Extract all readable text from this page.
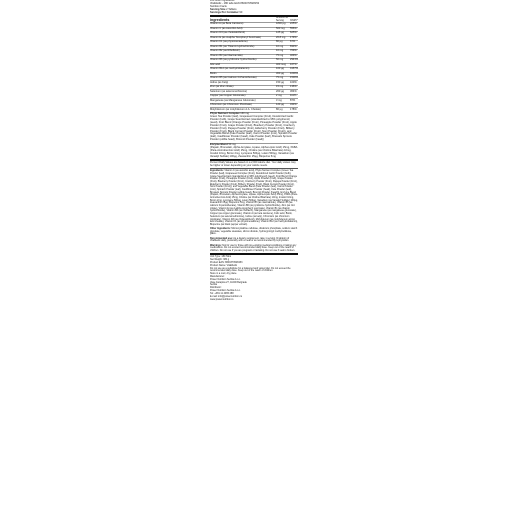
100 other ingredients
VitaMedic - 180 tabs EAN 8600373528153
Nutrition Facts
Serving Size 2 Tablets
Servings Per Container 90
Ingredients
Amount Per Serving	%NRV*
Vitamin A (as Beta Carotene)	1800 µg	225%
Vitamin C (as Ascorbic Acid)	500 mg	556%
Vitamin D3 (as cholecalciferol)	125 µg	625%
Vitamin E (as d-alpha Tocopheryl Succinate)	26.8 mg	179%
Vitamin K1 (as phytomenadione)	80 µg	67%
Vitamin B1 (as Thiamin Hydrochloride)	10 mg	833%
Vitamin B2 (as Riboflavin)	10 mg	769%
Vitamin B3 (as Niacinamide)	75 mg	469%
Vitamin B6 (as pyridoxine hydrochloride)	50 mg	2941%
folic acid	400 mcg	167%
Vitamin B12 (as methylcobalamin)	100 µg	4167%
Biotin	300 µg	1000%
Vitamin B5 (as Calcium D-Pantothenate)	75 mg	1500%
Iodine (as Kelp)	150 µg	100%
Zinc (as Zinc citrate)	15 mg	136%
Selenium (as selenomethionine)	200 µg	364%
Copper (as Copper Gluconate)	2 mg	111%
Manganese (as Manganese Gluconate)	3 mg	87%
Chromium (as Chromium Picolinate)	120 µg	343%
Molybdenum (as molybdenum A.A. Chelate)	80 µg	178%
Phyto Nutrient Complex 160 mg
Green Tea Powder (leaf), Grapeseed Complex (Fruit), Deodorized Garlic Powder (bulb), Grape Seed Extract (standardized to 95% polyphenol) (seed), Fruit Blend (Orange Powder (Fruit), Pineapple Powder (Fruit), Apple Powder (Fruit), Grape Powder (Fruit), Blueberry Powder (Fruit), Cranberry Powder (Fruit), Papaya Powder (Fruit), Elderberry Powder (Fruit), Bilberry Powder (Fruit), Black Currant Powder (Fruit), Noni Powder (Fruit)), and Vegetable Blend (Kale Powder (leaf), Carrot Powder (root), Spinach Powder (leaf), Cauliflower Powder (head), Kale Powder (leaf), Brussels Sprouts Powder (edible head), Broccoli Powder (head))
Enzyme Blend 50 mg
(Papain, Bromelain, Alpha-Amylase, Lipase, Alpha-Lipoic Acid) 15mg, PABA (Para-Aminobenzoic Acid) 15mg, Choline (as Choline Bitartrate) 10mg, Inositol 10mg, Boron 2mg, Lycopene 500µg, Lutein 500µg, Vanadium (as Vanadyl Sulfate) 100µg, Zeaxanthin 25µg, Bioperine 5mg
Percent Daily Values are based on a 2,000 calorie diet. Your daily values may be higher or lower depending on your calorie needs.
Ingredients: Vitamin C (as ascorbic acid), Phyto Nutrient Complex (Green Tea Powder (leaf), Grapeseed Complex (Fruit), Deodorized Garlic Powder (bulb), Grape Seed Extract (standardized to 95% polyphenol) (seed), Fruit Blend (Orange Powder (Fruit), Pineapple Powder (Fruit), Apple Powder (Fruit), Grape Powder (Fruit), Blueberry Powder (Fruit), Cranberry Powder (Fruit), Papaya Powder (Fruit), Elderberry Powder (Fruit), Bilberry Powder (Fruit), Black Currant Powder (Fruit), Noni Powder (Fruit)), and Vegetable Blend (Kale Powder (leaf), Carrot Powder (root), Spinach Powder (leaf), Cauliflower Powder (head), Kale Powder (leaf), Brussels Sprouts Powder (edible head), Broccoli Powder (head))), Enzyme Blend (Papain, Bromelain, Alpha-Amylase, Lipase, Alpha-Lipoic Acid) 15mg, PABA (Para-Aminobenzoic Acid) 15mg, Choline (as Choline Bitartrate) 10mg, Inositol 10mg, Boron 2mg, Lycopene 500µg, Lutein 500µg, Vanadium (as Vanadyl Sulfate) 100µg, Zeaxanthin 25µg, Bioperine 5mg, Vitamin B3 (as niacinamide), Vitamin B5 (as calcium D-pantothenate), Vitamin B6 (as pyridoxine hydrochloride), Zinc (as zinc citrate), Vitamin E (as d-alpha tocopheryl succinate), Vitamin B1 (as thiamin hydrochloride), Vitamin B2 (as riboflavin), Manganese (as manganese gluconate), Copper (as copper gluconate), Vitamin A (as beta carotene), Folic acid, Biotin, Selenium (as selenomethionine), Iodine (as kelp), Chromium (as chromium picolinate), Vitamin D3 (as cholecalciferol), Molybdenum (as molybdenum amino acid chelate), Vitamin K1 (as phytomenadione), Vitamin B12 (as methylcobalamin), Bioperine (as black pepper extract).
Other Ingredients: Microcrystalline cellulose, dicalcium phosphate, sodium starch glycolate, vegetable stearates, silicon dioxide, hydroxypropyl methylcellulose, glaze.
Recommended use: As a dietary supplement, take 1 serving (2 tablets) of VitaMedic daily, preferably with a meal or as recommended by a physician.
Warnings: Not for use by those with pre-existing medical conditions or taking any medications. Do not exceed recommended daily dose. Keep out of the reach of children. Do not use if you are pregnant or lactating. Do not use if seal is broken.
Unit Type: 180 Tabs
Net Weight: 380 g
Product EAN: 8600373528153
Product Name: VitaMedic
Do not use as a substitute for a balanced and varied diet. Do not exceed the recommended daily dose. Keep out of the reach of children.
Store in a cool, dry place.
Manufacturer:
Power Nutrition Serbia d.o.o.
Vase Carapica 27, 11000 Belgrade
Serbia
Distributor:
Power Nutrition Serbia d.o.o.
Tel: +381 11 4065 488
E-mail: info@powernutrition.rs
www.powernutrition.rs
